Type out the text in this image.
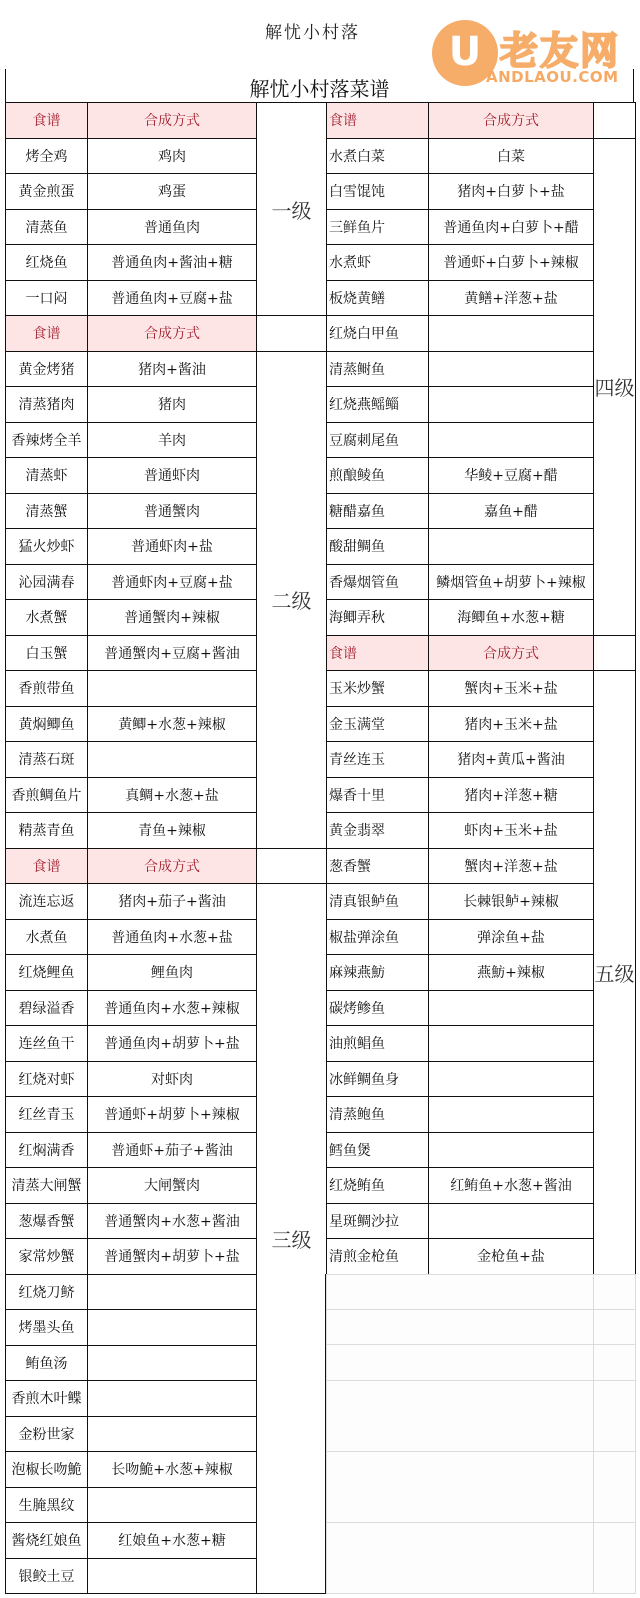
解忧小村落	U 老友网
ANDLAOU.COM
解忧小村落菜谱
食谱	合成方式
烤全鸡	鸡肉
黄金煎蛋	鸡蛋
清蒸鱼	普通鱼肉
红烧鱼	普通鱼肉+酱油+糖
一口闷	普通鱼肉+豆腐+盐
一级
食谱	合成方式
黄金烤猪	猪肉+酱油
清蒸猪肉	猪肉
香辣烤全羊	羊肉
清蒸虾	普通虾肉
清蒸蟹	普通蟹肉
猛火炒虾	普通虾肉+盐
沁园满春	普通虾肉+豆腐+盐
水煮蟹	普通蟹肉+辣椒
白玉蟹	普通蟹肉+豆腐+酱油
香煎带鱼
黄焖鲫鱼	黄鲫+水葱+辣椒
清蒸石斑
香煎鲷鱼片	真鲷+水葱+盐
精蒸青鱼	青鱼+辣椒
二级
食谱	合成方式
流连忘返	猪肉+茄子+酱油
水煮鱼	普通鱼肉+水葱+盐
红烧鲤鱼	鲤鱼肉
碧绿溢香	普通鱼肉+水葱+辣椒
连丝鱼干	普通鱼肉+胡萝卜+盐
红烧对虾	对虾肉
红丝青玉	普通虾+胡萝卜+辣椒
红焖满香	普通虾+茄子+酱油
清蒸大闸蟹	大闸蟹肉
葱爆香蟹	普通蟹肉+水葱+酱油
家常炒蟹	普通蟹肉+胡萝卜+盐
红烧刀鲚
烤墨头鱼
鲔鱼汤
香煎木叶鲽
金粉世家
泡椒长吻鮠	长吻鮠+水葱+辣椒
生腌黑纹
酱烧红娘鱼	红娘鱼+水葱+糖
银鲛土豆
三级
食谱	合成方式
水煮白菜	白菜
白雪馄饨	猪肉+白萝卜+盐
三鲜鱼片	普通鱼肉+白萝卜+醋
水煮虾	普通虾+白萝卜+辣椒
板烧黄鳝	黄鳝+洋葱+盐
红烧白甲鱼
清蒸鲥鱼
红烧燕鳐鲻
豆腐刺尾鱼
煎酿鲮鱼	华鲮+豆腐+醋
糖醋嘉鱼	嘉鱼+醋
酸甜鲷鱼
香爆烟管鱼	鳞烟管鱼+胡萝卜+辣椒
海鲫弄秋	海鲫鱼+水葱+糖
四级
食谱	合成方式
玉米炒蟹	蟹肉+玉米+盐
金玉满堂	猪肉+玉米+盐
青丝连玉	猪肉+黄瓜+酱油
爆香十里	猪肉+洋葱+糖
黄金翡翠	虾肉+玉米+盐
葱香蟹	蟹肉+洋葱+盐
清真银鲈鱼	长棘银鲈+辣椒
椒盐弹涂鱼	弹涂鱼+盐
麻辣燕魴	燕魴+辣椒
碳烤鲹鱼
油煎鲳鱼
冰鲜鲷鱼身
清蒸鲍鱼
鳕鱼煲
红烧鲔鱼	红鲔鱼+水葱+酱油
星斑鲷沙拉
清煎金枪鱼	金枪鱼+盐
五级
